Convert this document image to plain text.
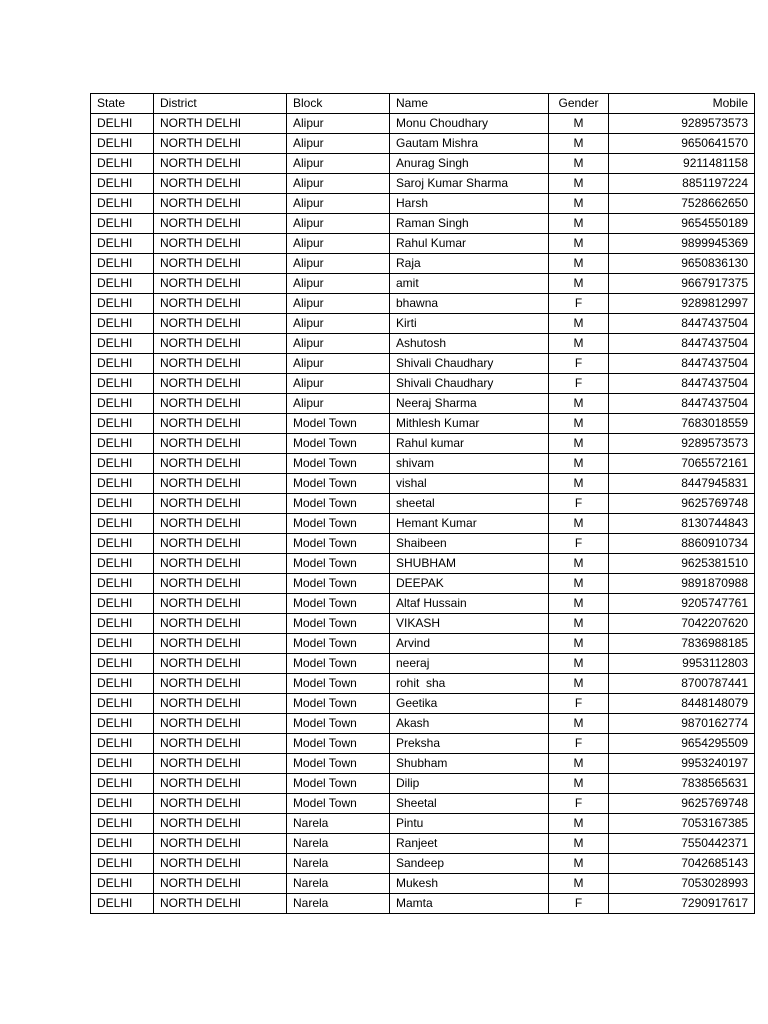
State	District	Block	Name	Gender	Mobile
DELHI	NORTH DELHI	Alipur	Monu Choudhary	M	9289573573
DELHI	NORTH DELHI	Alipur	Gautam Mishra	M	9650641570
DELHI	NORTH DELHI	Alipur	Anurag Singh	M	9211481158
DELHI	NORTH DELHI	Alipur	Saroj Kumar Sharma	M	8851197224
DELHI	NORTH DELHI	Alipur	Harsh	M	7528662650
DELHI	NORTH DELHI	Alipur	Raman Singh	M	9654550189
DELHI	NORTH DELHI	Alipur	Rahul Kumar	M	9899945369
DELHI	NORTH DELHI	Alipur	Raja	M	9650836130
DELHI	NORTH DELHI	Alipur	amit	M	9667917375
DELHI	NORTH DELHI	Alipur	bhawna	F	9289812997
DELHI	NORTH DELHI	Alipur	Kirti	M	8447437504
DELHI	NORTH DELHI	Alipur	Ashutosh	M	8447437504
DELHI	NORTH DELHI	Alipur	Shivali Chaudhary	F	8447437504
DELHI	NORTH DELHI	Alipur	Shivali Chaudhary	F	8447437504
DELHI	NORTH DELHI	Alipur	Neeraj Sharma	M	8447437504
DELHI	NORTH DELHI	Model Town	Mithlesh Kumar	M	7683018559
DELHI	NORTH DELHI	Model Town	Rahul kumar	M	9289573573
DELHI	NORTH DELHI	Model Town	shivam	M	7065572161
DELHI	NORTH DELHI	Model Town	vishal	M	8447945831
DELHI	NORTH DELHI	Model Town	sheetal	F	9625769748
DELHI	NORTH DELHI	Model Town	Hemant Kumar	M	8130744843
DELHI	NORTH DELHI	Model Town	Shaibeen	F	8860910734
DELHI	NORTH DELHI	Model Town	SHUBHAM	M	9625381510
DELHI	NORTH DELHI	Model Town	DEEPAK	M	9891870988
DELHI	NORTH DELHI	Model Town	Altaf Hussain	M	9205747761
DELHI	NORTH DELHI	Model Town	VIKASH	M	7042207620
DELHI	NORTH DELHI	Model Town	Arvind	M	7836988185
DELHI	NORTH DELHI	Model Town	neeraj	M	9953112803
DELHI	NORTH DELHI	Model Town	rohit  sha	M	8700787441
DELHI	NORTH DELHI	Model Town	Geetika	F	8448148079
DELHI	NORTH DELHI	Model Town	Akash	M	9870162774
DELHI	NORTH DELHI	Model Town	Preksha	F	9654295509
DELHI	NORTH DELHI	Model Town	Shubham	M	9953240197
DELHI	NORTH DELHI	Model Town	Dilip	M	7838565631
DELHI	NORTH DELHI	Model Town	Sheetal	F	9625769748
DELHI	NORTH DELHI	Narela	Pintu	M	7053167385
DELHI	NORTH DELHI	Narela	Ranjeet	M	7550442371
DELHI	NORTH DELHI	Narela	Sandeep	M	7042685143
DELHI	NORTH DELHI	Narela	Mukesh	M	7053028993
DELHI	NORTH DELHI	Narela	Mamta	F	7290917617
